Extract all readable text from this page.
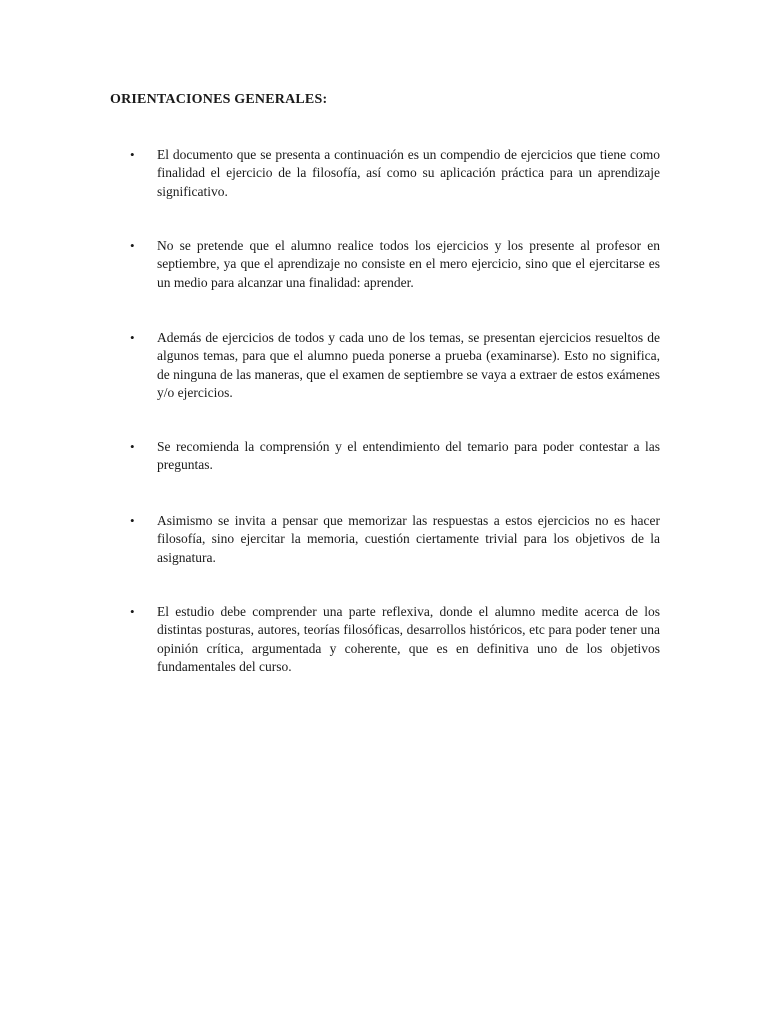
ORIENTACIONES GENERALES:
• El documento que se presenta a continuación es un compendio de ejercicios que tiene como finalidad el ejercicio de la filosofía, así como su aplicación práctica para un aprendizaje significativo.
• No se pretende que el alumno realice todos los ejercicios y los presente al profesor en septiembre, ya que el aprendizaje no consiste en el mero ejercicio, sino que el ejercitarse es un medio para alcanzar una finalidad: aprender.
• Además de ejercicios de todos y cada uno de los temas, se presentan ejercicios resueltos de algunos temas, para que el alumno pueda ponerse a prueba (examinarse). Esto no significa, de ninguna de las maneras, que el examen de septiembre se vaya a extraer de estos exámenes y/o ejercicios.
• Se recomienda la comprensión y el entendimiento del temario para poder contestar a las preguntas.
• Asimismo se invita a pensar que memorizar las respuestas a estos ejercicios no es hacer filosofía, sino ejercitar la memoria, cuestión ciertamente trivial para los objetivos de la asignatura.
• El estudio debe comprender una parte reflexiva, donde el alumno medite acerca de los distintas posturas, autores, teorías filosóficas, desarrollos históricos, etc para poder tener una opinión crítica, argumentada y coherente, que es en definitiva uno de los objetivos fundamentales del curso.
